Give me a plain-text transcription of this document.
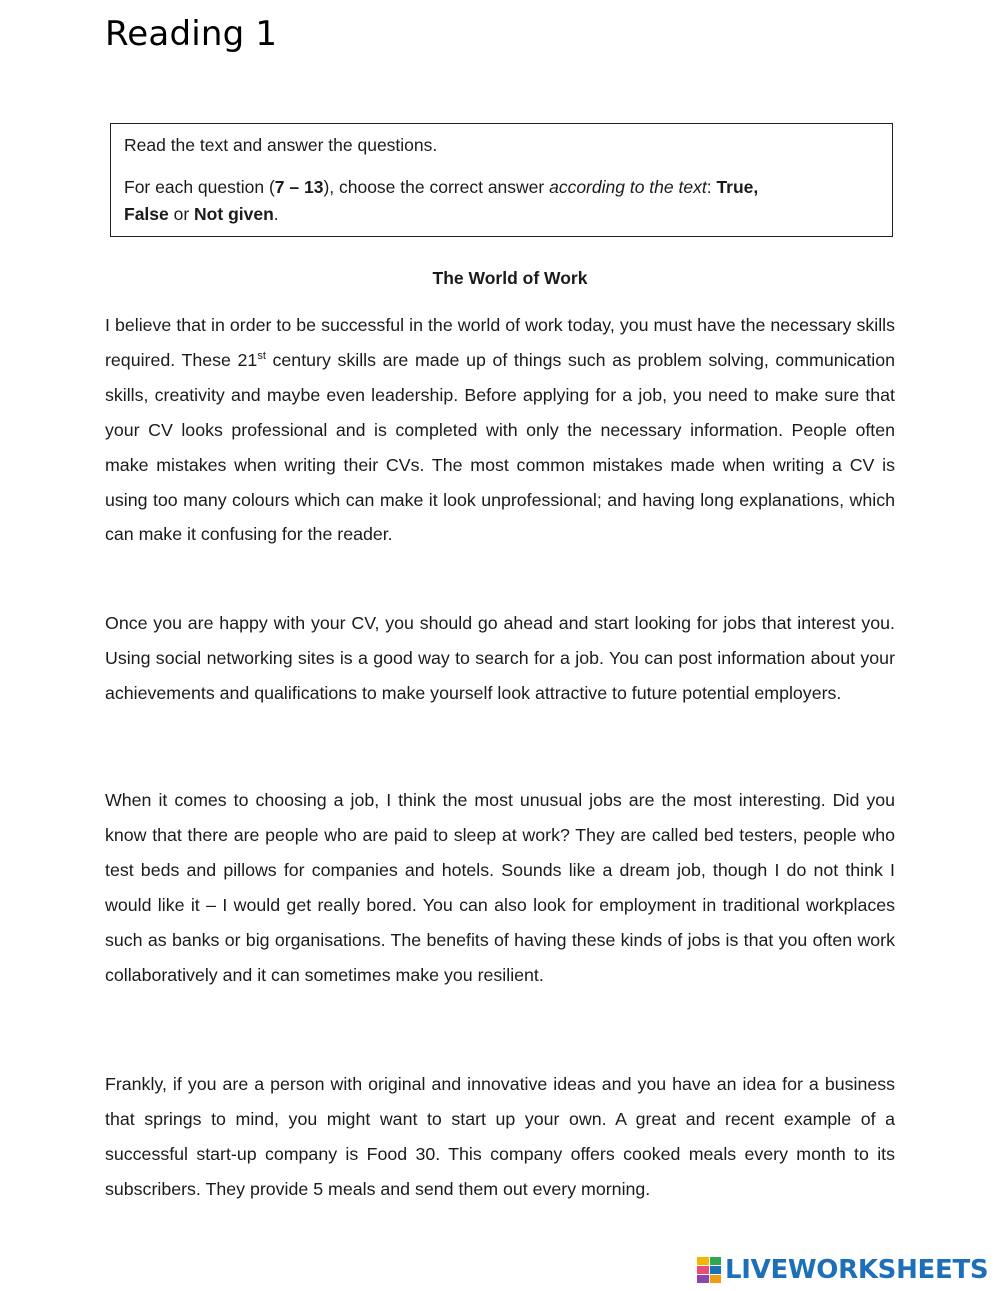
Reading 1

Read the text and answer the questions.

For each question (7 – 13), choose the correct answer according to the text: True,
False or Not given.

The World of Work

I believe that in order to be successful in the world of work today, you must have the necessary skills required. These 21st century skills are made up of things such as problem solving, communication skills, creativity and maybe even leadership. Before applying for a job, you need to make sure that your CV looks professional and is completed with only the necessary information. People often make mistakes when writing their CVs. The most common mistakes made when writing a CV is using too many colours which can make it look unprofessional; and having long explanations, which can make it confusing for the reader.

Once you are happy with your CV, you should go ahead and start looking for jobs that interest you. Using social networking sites is a good way to search for a job. You can post information about your achievements and qualifications to make yourself look attractive to future potential employers.

When it comes to choosing a job, I think the most unusual jobs are the most interesting. Did you know that there are people who are paid to sleep at work? They are called bed testers, people who test beds and pillows for companies and hotels. Sounds like a dream job, though I do not think I would like it – I would get really bored. You can also look for employment in traditional workplaces such as banks or big organisations. The benefits of having these kinds of jobs is that you often work collaboratively and it can sometimes make you resilient.

Frankly, if you are a person with original and innovative ideas and you have an idea for a business that springs to mind, you might want to start up your own. A great and recent example of a successful start-up company is Food 30. This company offers cooked meals every month to its subscribers. They provide 5 meals and send them out every morning.

LIVEWORKSHEETS
